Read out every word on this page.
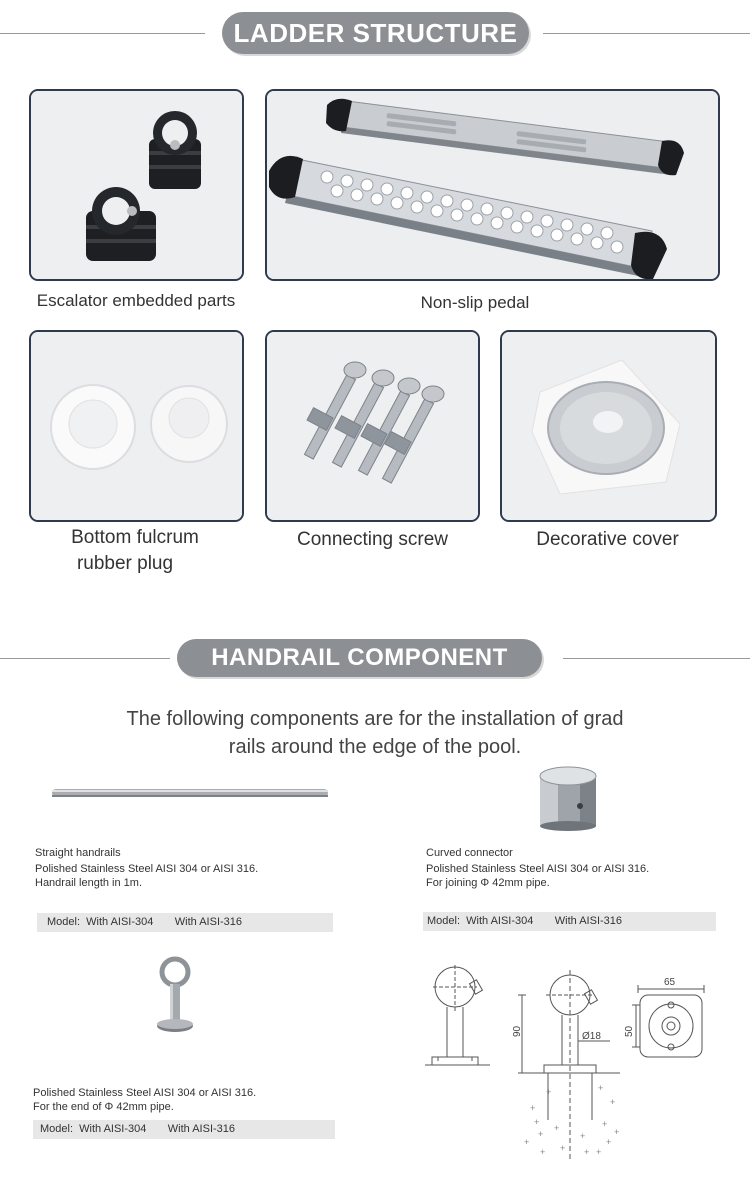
LADDER STRUCTURE
Escalator embedded parts	Non-slip pedal
Bottom fulcrum
rubber plug
Connecting screw	Decorative cover
HANDRAIL COMPONENT
The following components are for the installation of grad
rails around the edge of the pool.
Straight handrails
Polished Stainless Steel AISI 304 or AISI 316.
Handrail length in 1m.
Model:  With AISI-304       With AISI-316
Curved connector
Polished Stainless Steel AISI 304 or AISI 316.
For joining Φ 42mm pipe.
Model:  With AISI-304       With AISI-316
Polished Stainless Steel AISI 304 or AISI 316.
For the end of Φ 42mm pipe.
Model:  With AISI-304       With AISI-316
+
+
+
+
+
+
+
+
+
+
+ +
+
+
+	+
90	Ø18
65
50
